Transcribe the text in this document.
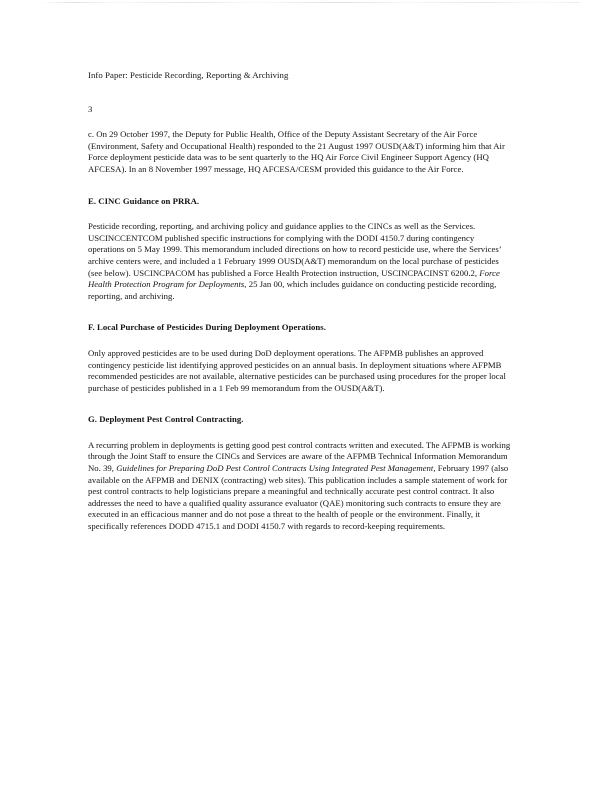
Info Paper: Pesticide Recording, Reporting & Archiving
3

c. On 29 October 1997, the Deputy for Public Health, Office of the Deputy Assistant Secretary of the Air Force (Environment, Safety and Occupational Health) responded to the 21 August 1997 OUSD(A&T) informing him that Air Force deployment pesticide data was to be sent quarterly to the HQ Air Force Civil Engineer Support Agency (HQ AFCESA). In an 8 November 1997 message, HQ AFCESA/CESM provided this guidance to the Air Force.

E. CINC Guidance on PRRA.

Pesticide recording, reporting, and archiving policy and guidance applies to the CINCs as well as the Services. USCINCCENTCOM published specific instructions for complying with the DODI 4150.7 during contingency operations on 5 May 1999. This memorandum included directions on how to record pesticide use, where the Services’ archive centers were, and included a 1 February 1999 OUSD(A&T) memorandum on the local purchase of pesticides (see below). USCINCPACOM has published a Force Health Protection instruction, USCINCPACINST 6200.2, Force Health Protection Program for Deployments, 25 Jan 00, which includes guidance on conducting pesticide recording, reporting, and archiving.

F. Local Purchase of Pesticides During Deployment Operations.

Only approved pesticides are to be used during DoD deployment operations. The AFPMB publishes an approved contingency pesticide list identifying approved pesticides on an annual basis. In deployment situations where AFPMB recommended pesticides are not available, alternative pesticides can be purchased using procedures for the proper local purchase of pesticides published in a 1 Feb 99 memorandum from the OUSD(A&T).

G. Deployment Pest Control Contracting.

A recurring problem in deployments is getting good pest control contracts written and executed. The AFPMB is working through the Joint Staff to ensure the CINCs and Services are aware of the AFPMB Technical Information Memorandum No. 39, Guidelines for Preparing DoD Pest Control Contracts Using Integrated Pest Management, February 1997 (also available on the AFPMB and DENIX (contracting) web sites). This publication includes a sample statement of work for pest control contracts to help logisticians prepare a meaningful and technically accurate pest control contract. It also addresses the need to have a qualified quality assurance evaluator (QAE) monitoring such contracts to ensure they are executed in an efficacious manner and do not pose a threat to the health of people or the environment. Finally, it specifically references DODD 4715.1 and DODI 4150.7 with regards to record-keeping requirements.
